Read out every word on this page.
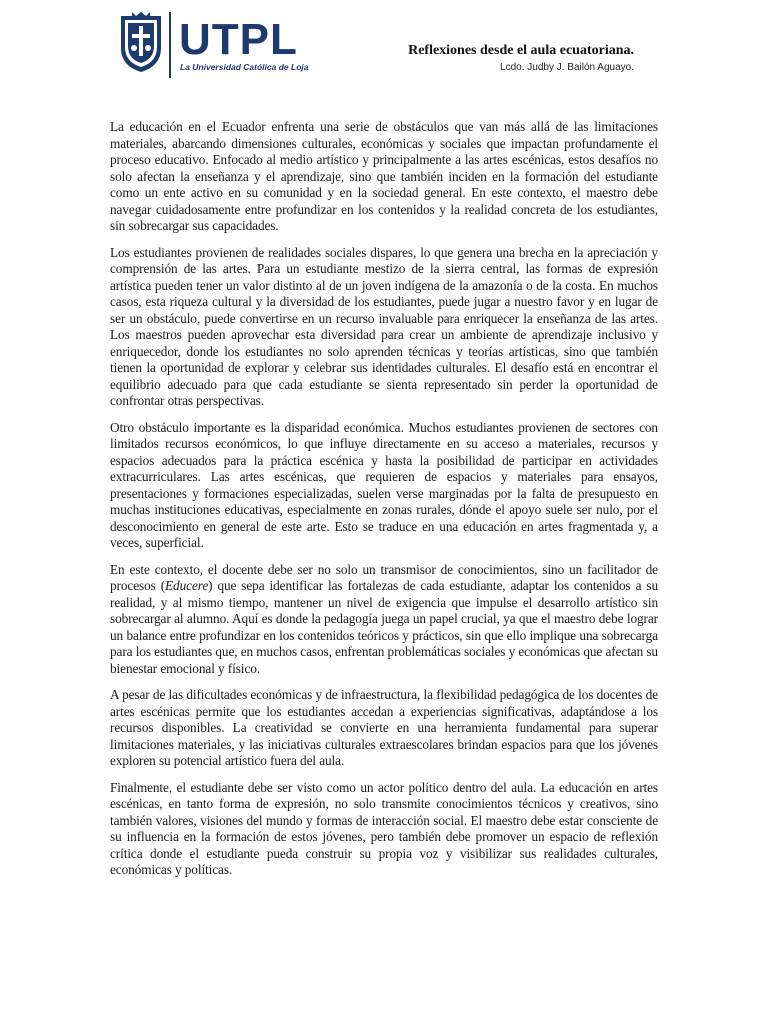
UTPL
La Universidad Católica de Loja
Reflexiones desde el aula ecuatoriana.
Lcdo. Judby J. Bailón Aguayo.

La educación en el Ecuador enfrenta una serie de obstáculos que van más allá de las limitaciones materiales, abarcando dimensiones culturales, económicas y sociales que impactan profundamente el proceso educativo. Enfocado al medio artístico y principalmente a las artes escénicas, estos desafíos no solo afectan la enseñanza y el aprendizaje, sino que también inciden en la formación del estudiante como un ente activo en su comunidad y en la sociedad general. En este contexto, el maestro debe navegar cuidadosamente entre profundizar en los contenidos y la realidad concreta de los estudiantes, sin sobrecargar sus capacidades.

Los estudiantes provienen de realidades sociales dispares, lo que genera una brecha en la apreciación y comprensión de las artes. Para un estudiante mestizo de la sierra central, las formas de expresión artística pueden tener un valor distinto al de un joven indígena de la amazonía o de la costa. En muchos casos, esta riqueza cultural y la diversidad de los estudiantes, puede jugar a nuestro favor y en lugar de ser un obstáculo, puede convertirse en un recurso invaluable para enriquecer la enseñanza de las artes. Los maestros pueden aprovechar esta diversidad para crear un ambiente de aprendizaje inclusivo y enriquecedor, donde los estudiantes no solo aprenden técnicas y teorías artísticas, sino que también tienen la oportunidad de explorar y celebrar sus identidades culturales. El desafío está en encontrar el equilibrio adecuado para que cada estudiante se sienta representado sin perder la oportunidad de confrontar otras perspectivas.

Otro obstáculo importante es la disparidad económica. Muchos estudiantes provienen de sectores con limitados recursos económicos, lo que influye directamente en su acceso a materiales, recursos y espacios adecuados para la práctica escénica y hasta la posibilidad de participar en actividades extracurriculares. Las artes escénicas, que requieren de espacios y materiales para ensayos, presentaciones y formaciones especializadas, suelen verse marginadas por la falta de presupuesto en muchas instituciones educativas, especialmente en zonas rurales, dónde el apoyo suele ser nulo, por el desconocimiento en general de este arte. Esto se traduce en una educación en artes fragmentada y, a veces, superficial.

En este contexto, el docente debe ser no solo un transmisor de conocimientos, sino un facilitador de procesos (Educere) que sepa identificar las fortalezas de cada estudiante, adaptar los contenidos a su realidad, y al mismo tiempo, mantener un nivel de exigencia que impulse el desarrollo artístico sin sobrecargar al alumno. Aquí es donde la pedagogía juega un papel crucial, ya que el maestro debe lograr un balance entre profundizar en los contenidos teóricos y prácticos, sin que ello implique una sobrecarga para los estudiantes que, en muchos casos, enfrentan problemáticas sociales y económicas que afectan su bienestar emocional y físico.

A pesar de las dificultades económicas y de infraestructura, la flexibilidad pedagógica de los docentes de artes escénicas permite que los estudiantes accedan a experiencias significativas, adaptándose a los recursos disponibles. La creatividad se convierte en una herramienta fundamental para superar limitaciones materiales, y las iniciativas culturales extraescolares brindan espacios para que los jóvenes exploren su potencial artístico fuera del aula.

Finalmente, el estudiante debe ser visto como un actor político dentro del aula. La educación en artes escénicas, en tanto forma de expresión, no solo transmite conocimientos técnicos y creativos, sino también valores, visiones del mundo y formas de interacción social. El maestro debe estar consciente de su influencia en la formación de estos jóvenes, pero también debe promover un espacio de reflexión crítica donde el estudiante pueda construir su propia voz y visibilizar sus realidades culturales, económicas y políticas.
